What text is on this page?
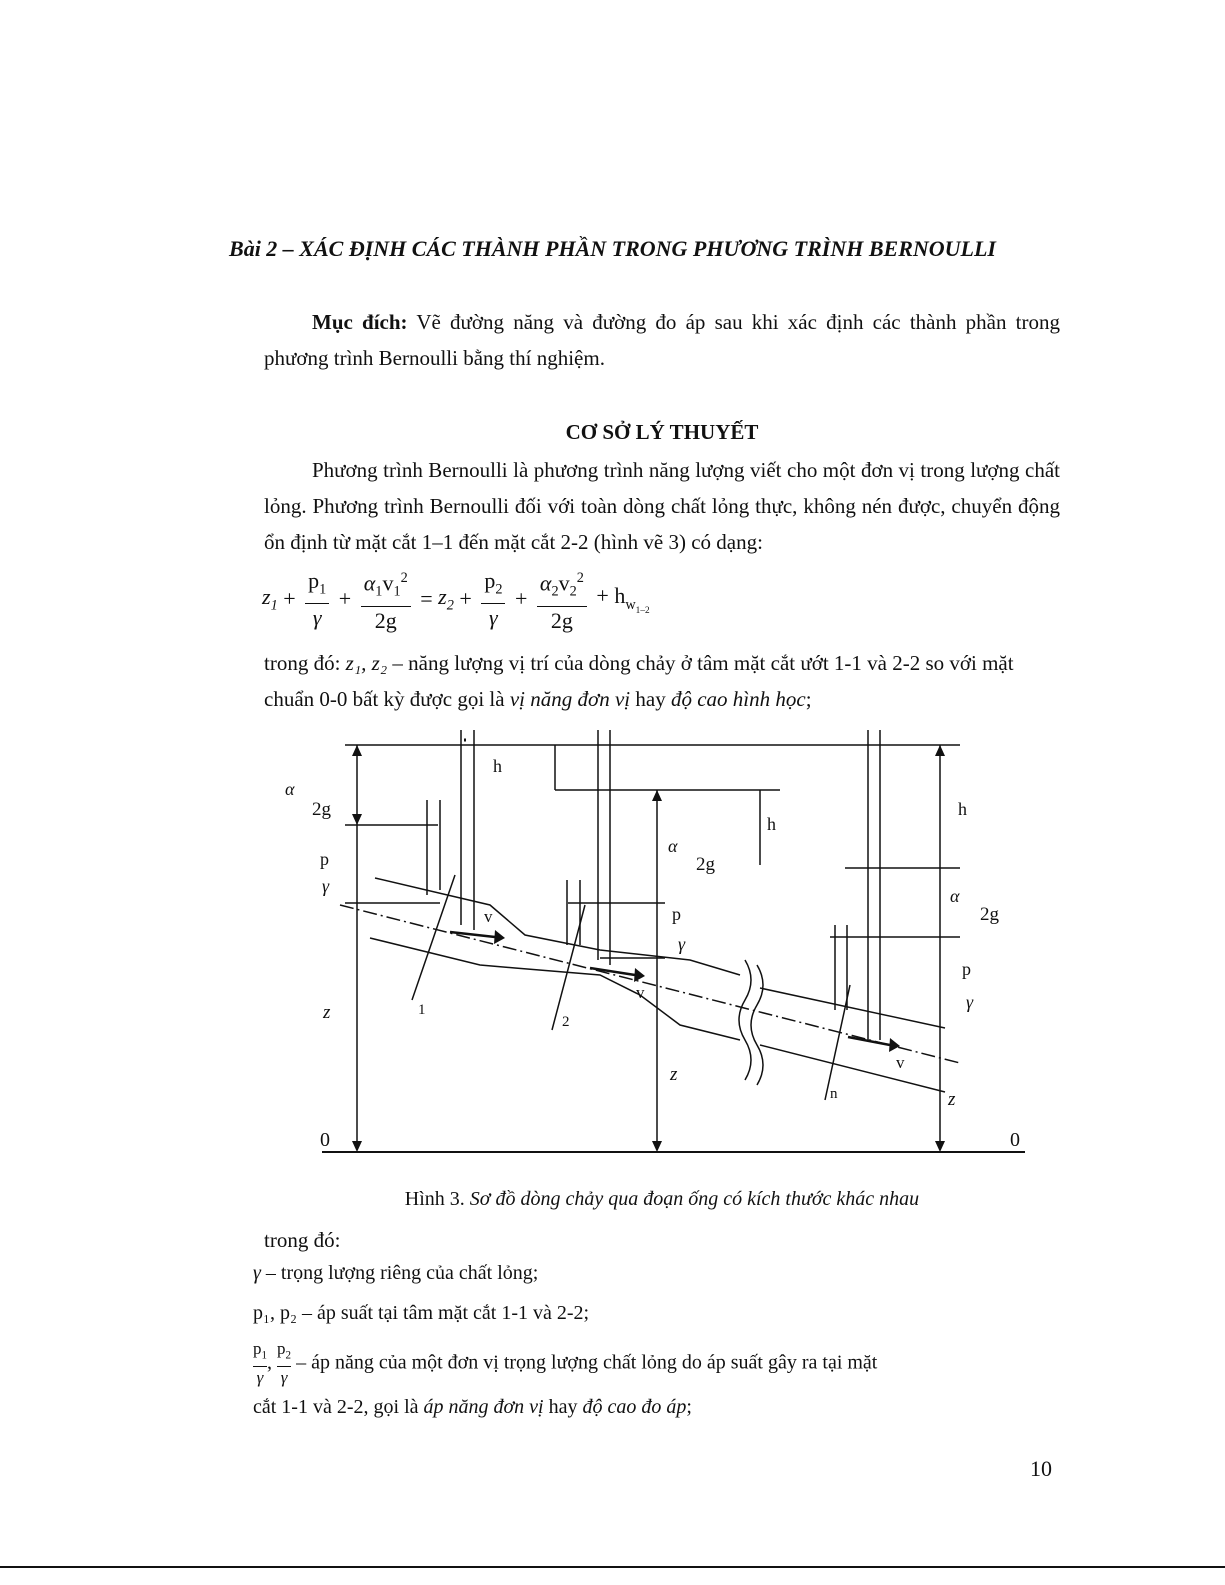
Bài 2 – XÁC ĐỊNH CÁC THÀNH PHẦN TRONG PHƯƠNG TRÌNH BERNOULLI
Mục đích: Vẽ đường năng và đường đo áp sau khi xác định các thành phần trong phương trình Bernoulli bằng thí nghiệm.
CƠ SỞ LÝ THUYẾT
Phương trình Bernoulli là phương trình năng lượng viết cho một đơn vị trong lượng chất lỏng. Phương trình Bernoulli đối với toàn dòng chất lỏng thực, không nén được, chuyển động ổn định từ mặt cắt 1–1 đến mặt cắt 2-2 (hình vẽ 3) có dạng:
$z_1 + \frac{p_1}{\gamma} + \frac{\alpha_1v_1^2}{2g} = z_2 + \frac{p_2}{\gamma} + \frac{\alpha_2v_2^2}{2g} + h_{w_{1-2}}$
trong đó: z₁, z₂ – năng lượng vị trí của dòng chảy ở tâm mặt cắt ướt 1-1 và 2-2 so với mặt chuẩn 0-0 bất kỳ được gọi là vị năng đơn vị hay độ cao hình học;
0	0
z
z
z
1
2
n
v
v
v
2g
2g
2g
γ
γ
γ
α
α
α
h
h
h
p
p
p
Hình 3. Sơ đồ dòng chảy qua đoạn ống có kích thước khác nhau
trong đó:
γ – trọng lượng riêng của chất lỏng;
p₁, p₂ – áp suất tại tâm mặt cắt 1-1 và 2-2;
$\frac{p_1}{\gamma}$ , $\frac{p_2}{\gamma}$ – áp năng của một đơn vị trọng lượng chất lỏng do áp suất gây ra tại mặt
cắt 1-1 và 2-2, gọi là áp năng đơn vị hay độ cao đo áp;
10
